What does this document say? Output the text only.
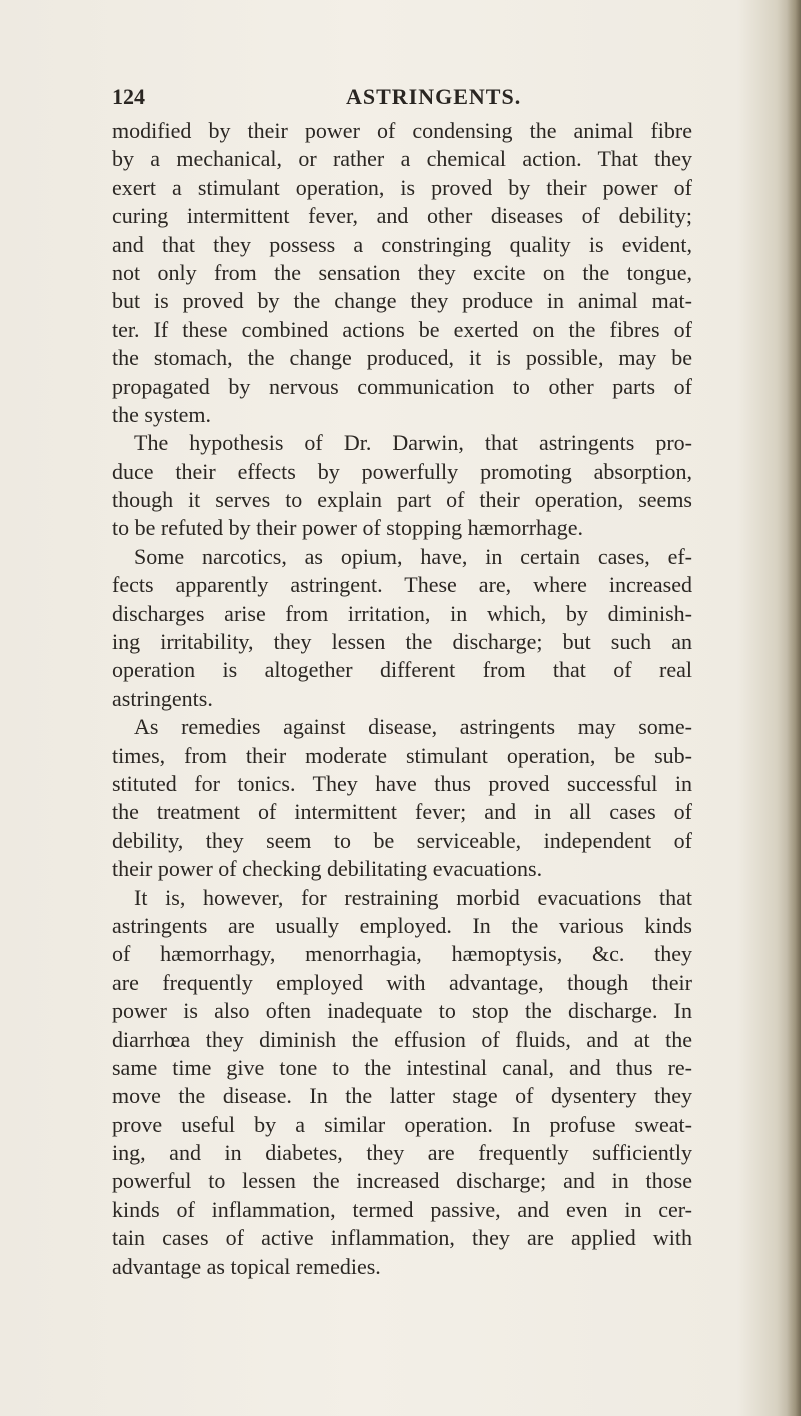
124	ASTRINGENTS.
modified by their power of condensing the animal fibre
by a mechanical, or rather a chemical action. That they
exert a stimulant operation, is proved by their power of
curing intermittent fever, and other diseases of debility;
and that they possess a constringing quality is evident,
not only from the sensation they excite on the tongue,
but is proved by the change they produce in animal mat-
ter. If these combined actions be exerted on the fibres of
the stomach, the change produced, it is possible, may be
propagated by nervous communication to other parts of
the system.
The hypothesis of Dr. Darwin, that astringents pro-
duce their effects by powerfully promoting absorption,
though it serves to explain part of their operation, seems
to be refuted by their power of stopping hæmorrhage.
Some narcotics, as opium, have, in certain cases, ef-
fects apparently astringent. These are, where increased
discharges arise from irritation, in which, by diminish-
ing irritability, they lessen the discharge; but such an
operation is altogether different from that of real
astringents.
As remedies against disease, astringents may some-
times, from their moderate stimulant operation, be sub-
stituted for tonics. They have thus proved successful in
the treatment of intermittent fever; and in all cases of
debility, they seem to be serviceable, independent of
their power of checking debilitating evacuations.
It is, however, for restraining morbid evacuations that
astringents are usually employed. In the various kinds
of hæmorrhagy, menorrhagia, hæmoptysis, &c. they
are frequently employed with advantage, though their
power is also often inadequate to stop the discharge. In
diarrhœa they diminish the effusion of fluids, and at the
same time give tone to the intestinal canal, and thus re-
move the disease. In the latter stage of dysentery they
prove useful by a similar operation. In profuse sweat-
ing, and in diabetes, they are frequently sufficiently
powerful to lessen the increased discharge; and in those
kinds of inflammation, termed passive, and even in cer-
tain cases of active inflammation, they are applied with
advantage as topical remedies.
